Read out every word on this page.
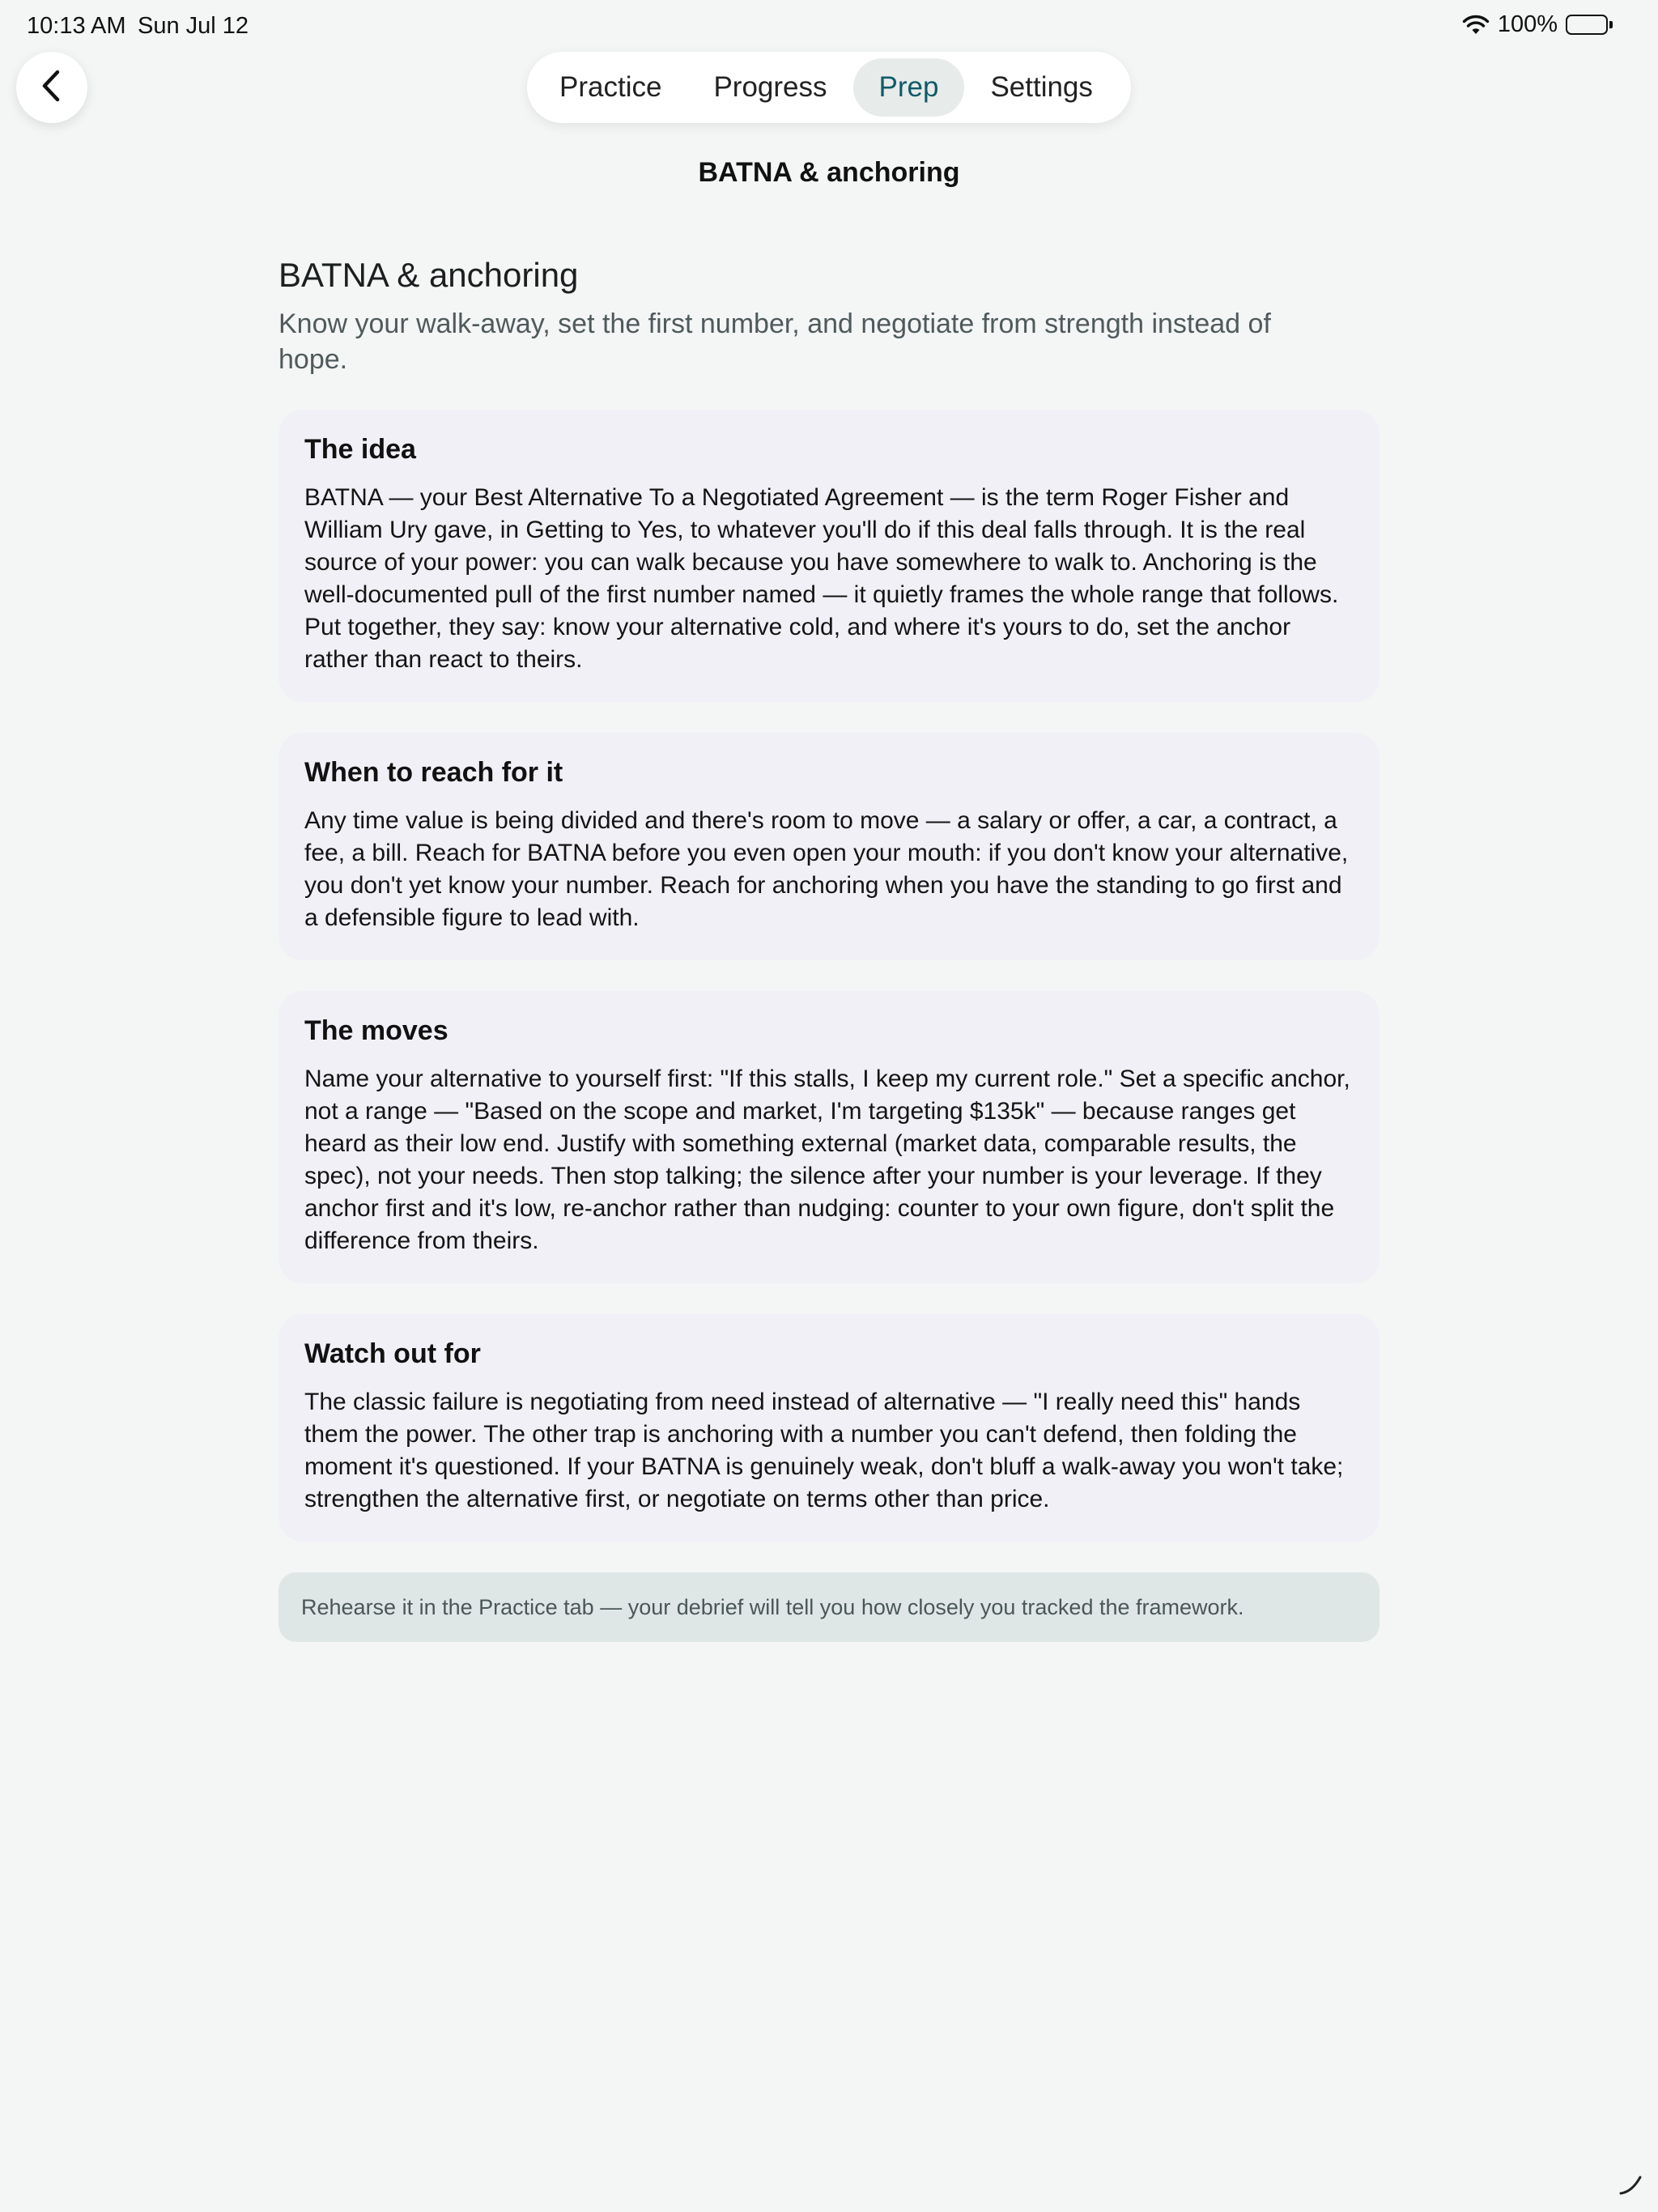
10:13 AM Sun Jul 12	100%
Practice	Progress	Prep	Settings
BATNA & anchoring
BATNA & anchoring

Know your walk-away, set the first number, and negotiate from strength instead of hope.

The idea

BATNA — your Best Alternative To a Negotiated Agreement — is the term Roger Fisher and William Ury gave, in Getting to Yes, to whatever you'll do if this deal falls through. It is the real source of your power: you can walk because you have somewhere to walk to. Anchoring is the well-documented pull of the first number named — it quietly frames the whole range that follows. Put together, they say: know your alternative cold, and where it's yours to do, set the anchor rather than react to theirs.

When to reach for it

Any time value is being divided and there's room to move — a salary or offer, a car, a contract, a fee, a bill. Reach for BATNA before you even open your mouth: if you don't know your alternative, you don't yet know your number. Reach for anchoring when you have the standing to go first and a defensible figure to lead with.

The moves

Name your alternative to yourself first: "If this stalls, I keep my current role." Set a specific anchor, not a range — "Based on the scope and market, I'm targeting $135k" — because ranges get heard as their low end. Justify with something external (market data, comparable results, the spec), not your needs. Then stop talking; the silence after your number is your leverage. If they anchor first and it's low, re-anchor rather than nudging: counter to your own figure, don't split the difference from theirs.

Watch out for

The classic failure is negotiating from need instead of alternative — "I really need this" hands them the power. The other trap is anchoring with a number you can't defend, then folding the moment it's questioned. If your BATNA is genuinely weak, don't bluff a walk-away you won't take; strengthen the alternative first, or negotiate on terms other than price.

Rehearse it in the Practice tab — your debrief will tell you how closely you tracked the framework.
